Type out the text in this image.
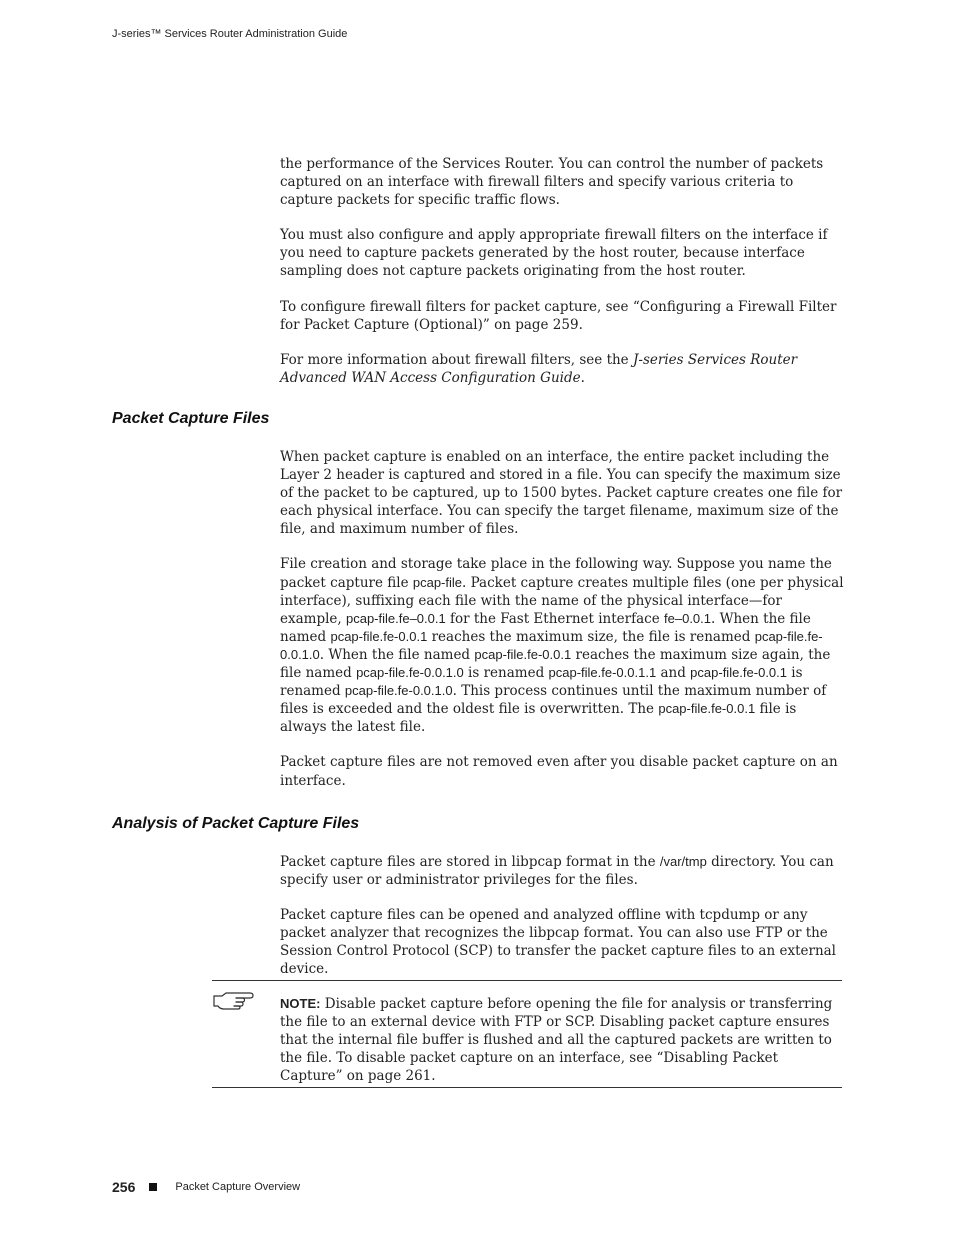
J-series™ Services Router Administration Guide

the performance of the Services Router. You can control the number of packets captured on an interface with firewall filters and specify various criteria to capture packets for specific traffic flows.

You must also configure and apply appropriate firewall filters on the interface if you need to capture packets generated by the host router, because interface sampling does not capture packets originating from the host router.

To configure firewall filters for packet capture, see “Configuring a Firewall Filter for Packet Capture (Optional)” on page 259.

For more information about firewall filters, see the J-series Services Router Advanced WAN Access Configuration Guide.

Packet Capture Files

When packet capture is enabled on an interface, the entire packet including the Layer 2 header is captured and stored in a file. You can specify the maximum size of the packet to be captured, up to 1500 bytes. Packet capture creates one file for each physical interface. You can specify the target filename, maximum size of the file, and maximum number of files.

File creation and storage take place in the following way. Suppose you name the packet capture file pcap-file. Packet capture creates multiple files (one per physical interface), suffixing each file with the name of the physical interface—for example, pcap-file.fe–0.0.1 for the Fast Ethernet interface fe–0.0.1. When the file named pcap-file.fe-0.0.1 reaches the maximum size, the file is renamed pcap-file.fe-0.0.1.0. When the file named pcap-file.fe-0.0.1 reaches the maximum size again, the file named pcap-file.fe-0.0.1.0 is renamed pcap-file.fe-0.0.1.1 and pcap-file.fe-0.0.1 is renamed pcap-file.fe-0.0.1.0. This process continues until the maximum number of files is exceeded and the oldest file is overwritten. The pcap-file.fe-0.0.1 file is always the latest file.

Packet capture files are not removed even after you disable packet capture on an interface.

Analysis of Packet Capture Files

Packet capture files are stored in libpcap format in the /var/tmp directory. You can specify user or administrator privileges for the files.

Packet capture files can be opened and analyzed offline with tcpdump or any packet analyzer that recognizes the libpcap format. You can also use FTP or the Session Control Protocol (SCP) to transfer the packet capture files to an external device.

NOTE: Disable packet capture before opening the file for analysis or transferring the file to an external device with FTP or SCP. Disabling packet capture ensures that the internal file buffer is flushed and all the captured packets are written to the file. To disable packet capture on an interface, see “Disabling Packet Capture” on page 261.
256	Packet Capture Overview
